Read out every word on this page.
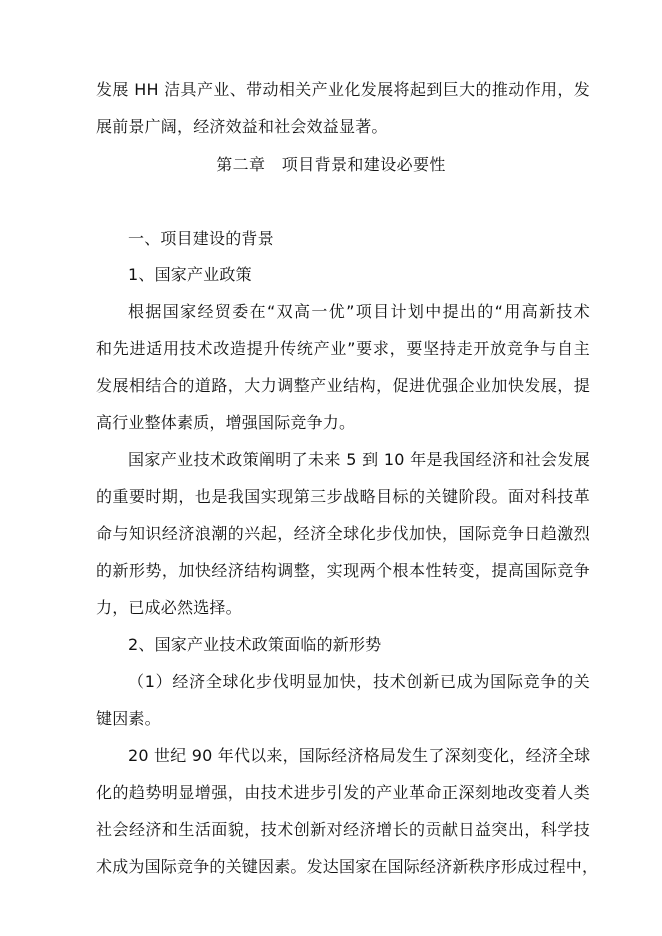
发展 HH 洁具产业、带动相关产业化发展将起到巨大的推动作用，发
展前景广阔，经济效益和社会效益显著。
第二章　项目背景和建设必要性
一、项目建设的背景
1、国家产业政策
根据国家经贸委在“双高一优”项目计划中提出的“用高新技术
和先进适用技术改造提升传统产业”要求，要坚持走开放竞争与自主
发展相结合的道路，大力调整产业结构，促进优强企业加快发展，提
高行业整体素质，增强国际竞争力。
国家产业技术政策阐明了未来 5 到 10 年是我国经济和社会发展
的重要时期，也是我国实现第三步战略目标的关键阶段。面对科技革
命与知识经济浪潮的兴起，经济全球化步伐加快，国际竞争日趋激烈
的新形势，加快经济结构调整，实现两个根本性转变，提高国际竞争
力，已成必然选择。
2、国家产业技术政策面临的新形势
（1）经济全球化步伐明显加快，技术创新已成为国际竞争的关
键因素。
20 世纪 90 年代以来，国际经济格局发生了深刻变化，经济全球
化的趋势明显增强，由技术进步引发的产业革命正深刻地改变着人类
社会经济和生活面貌，技术创新对经济增长的贡献日益突出，科学技
术成为国际竞争的关键因素。发达国家在国际经济新秩序形成过程中，
